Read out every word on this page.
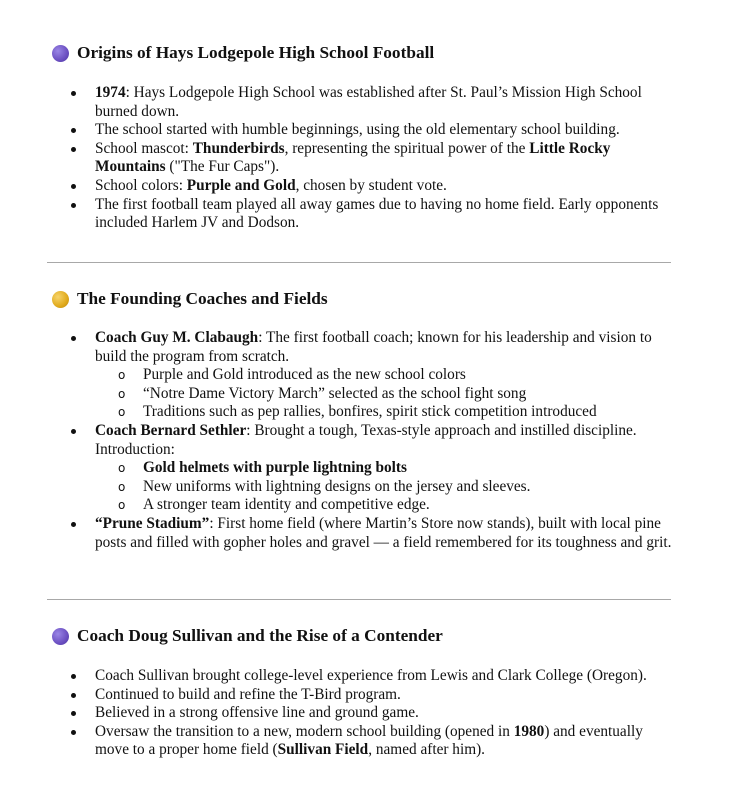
Origins of Hays Lodgepole High School Football
1974: Hays Lodgepole High School was established after St. Paul’s Mission High School burned down.
The school started with humble beginnings, using the old elementary school building.
School mascot: Thunderbirds, representing the spiritual power of the Little Rocky Mountains ("The Fur Caps").
School colors: Purple and Gold, chosen by student vote.
The first football team played all away games due to having no home field. Early opponents included Harlem JV and Dodson.
The Founding Coaches and Fields
Coach Guy M. Clabaugh: The first football coach; known for his leadership and vision to build the program from scratch.
o Purple and Gold introduced as the new school colors
o “Notre Dame Victory March” selected as the school fight song
o Traditions such as pep rallies, bonfires, spirit stick competition introduced
Coach Bernard Sethler: Brought a tough, Texas-style approach and instilled discipline. Introduction:
o Gold helmets with purple lightning bolts
o New uniforms with lightning designs on the jersey and sleeves.
o A stronger team identity and competitive edge.
“Prune Stadium”: First home field (where Martin’s Store now stands), built with local pine posts and filled with gopher holes and gravel — a field remembered for its toughness and grit.
Coach Doug Sullivan and the Rise of a Contender
Coach Sullivan brought college-level experience from Lewis and Clark College (Oregon).
Continued to build and refine the T-Bird program.
Believed in a strong offensive line and ground game.
Oversaw the transition to a new, modern school building (opened in 1980) and eventually move to a proper home field (Sullivan Field, named after him).
